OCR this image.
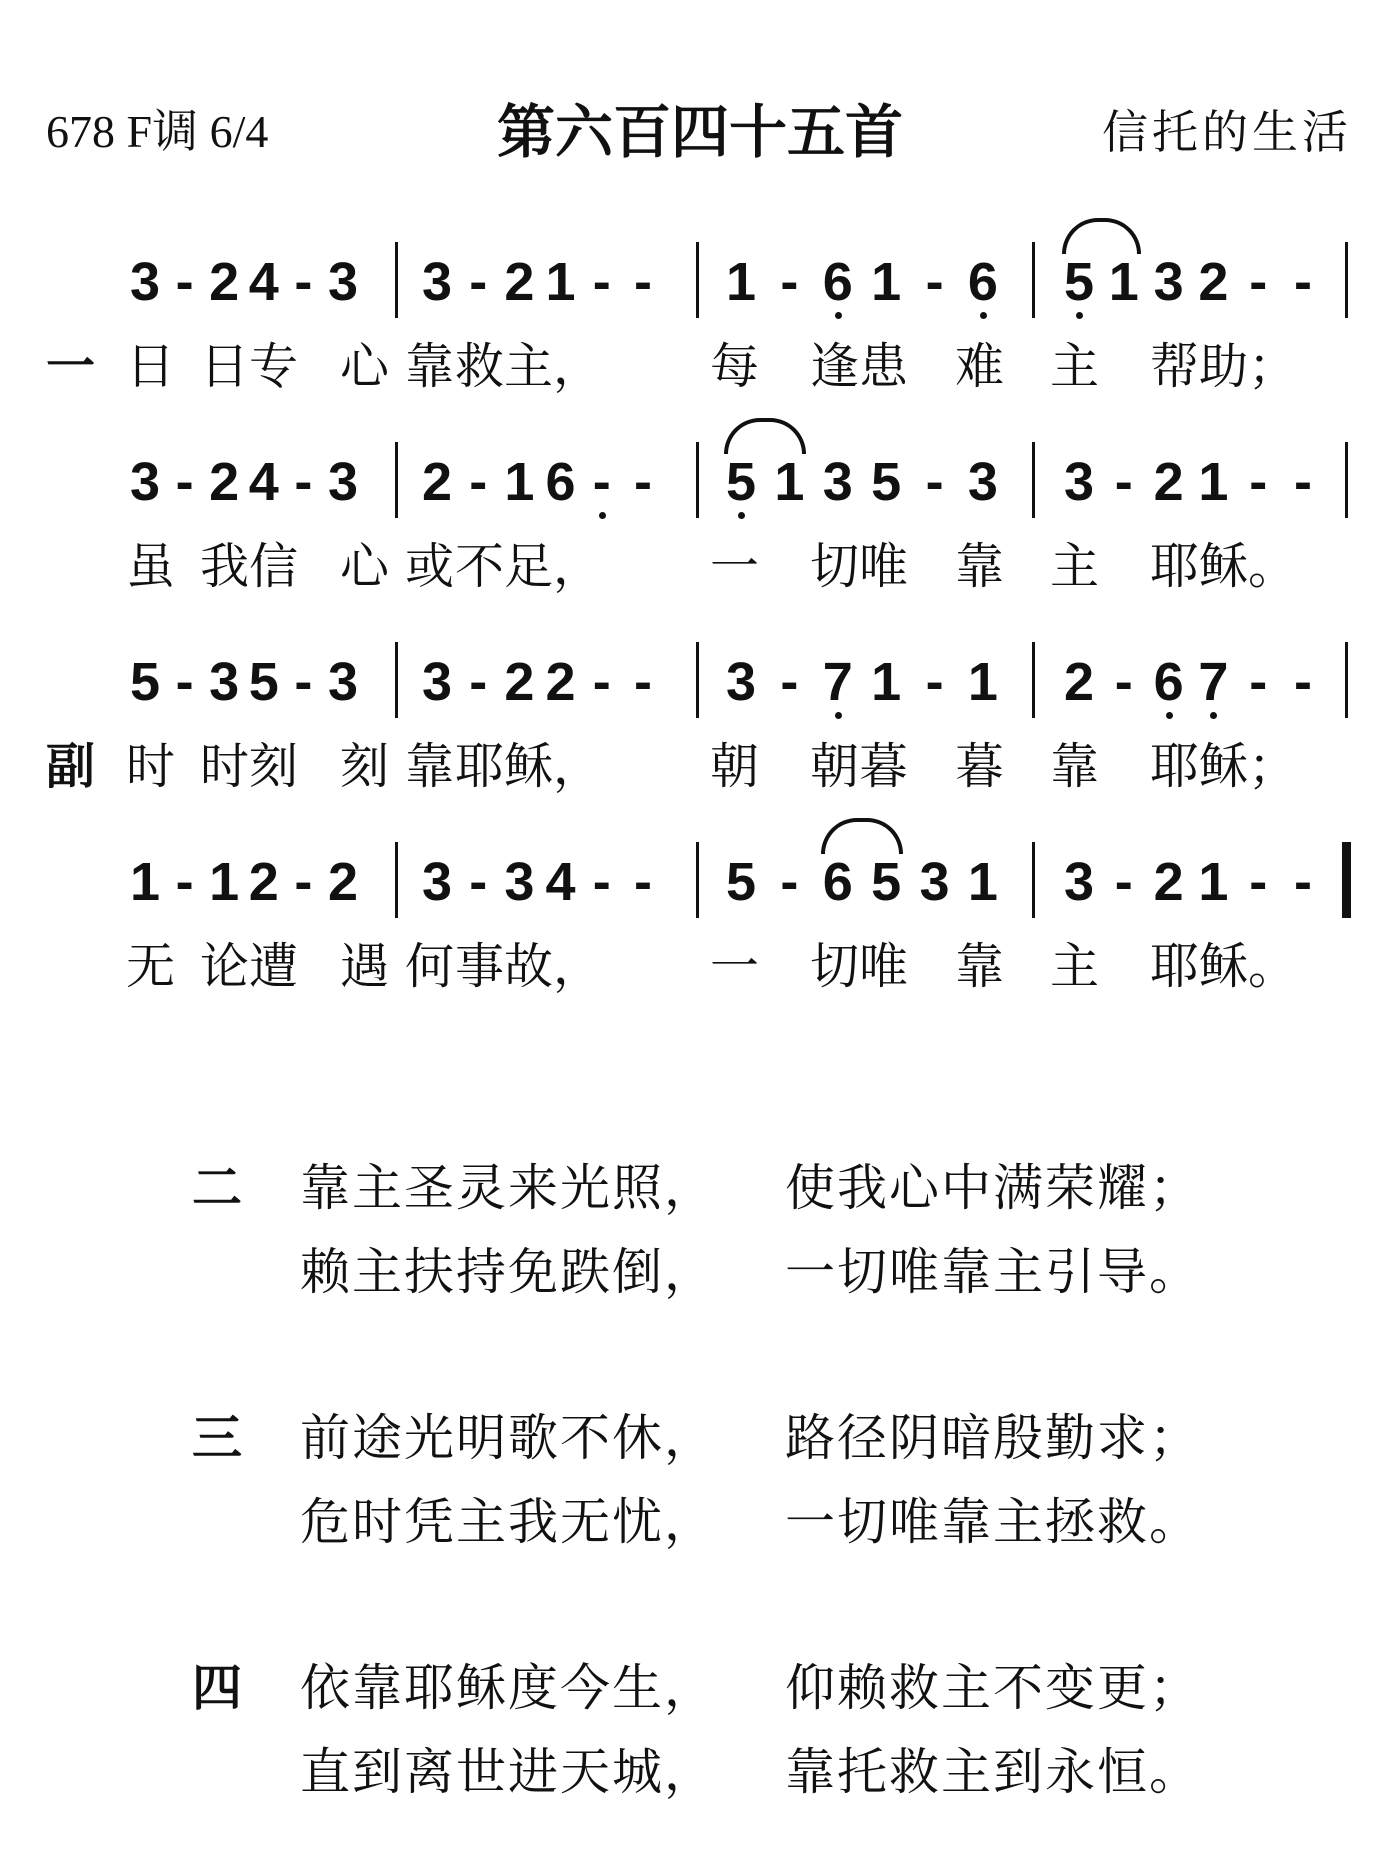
678 F调 6/4	第六百四十五首	信托的生活
3 - 2 4 - 3 3 - 2 1 - - 1 - 6 1 - 6 5 1 3 2 - -
一 日 日专 心 靠 救主， 每 逢患 难 主 帮助；
3 - 2 4 - 3 2 - 1 6 - - 5 1 3 5 - 3 3 - 2 1 - -
虽 我信 心 或 不足， 一 切唯 靠 主 耶稣。
5 - 3 5 - 3 3 - 2 2 - - 3 - 7 1 - 1 2 - 6 7 - -
副 时 时刻 刻 靠 耶稣， 朝 朝暮 暮 靠 耶稣；
1 - 1 2 - 2 3 - 3 4 - - 5 - 6 5 3 1 3 - 2 1 - -
无 论遭 遇 何 事故， 一 切唯 靠 主 耶稣。
二 靠主圣灵来光照， 使我心中满荣耀；
赖主扶持免跌倒， 一切唯靠主引导。
三 前途光明歌不休， 路径阴暗殷勤求；
危时凭主我无忧， 一切唯靠主拯救。
四 依靠耶稣度今生， 仰赖救主不变更；
直到离世进天城， 靠托救主到永恒。
